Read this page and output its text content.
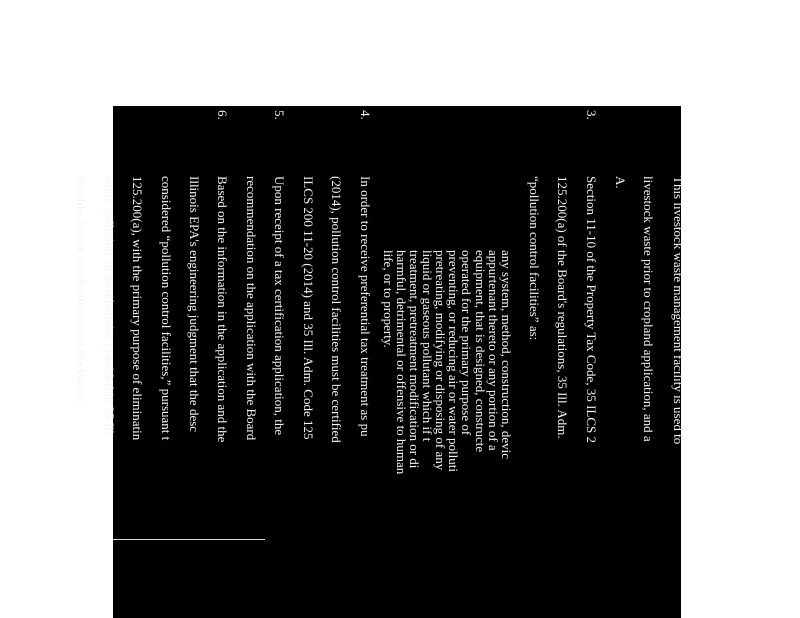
This livestock waste management facility is used to
livestock waste prior to cropland application, and a
A.
3.
Section 11-10 of the Property Tax Code, 35 ILCS 2
125.200(a) of the Board's regulations, 35 Ill. Adm.
“pollution control facilities” as:
any system, method, construction, devic
appurtenant thereto or any portion of a
equipment, that is designed, constructe
operated for the primary purpose of
preventing, or reducing air or water polluti
pretreating, modifying or disposing of any
liquid or gaseous pollutant which if t
treatment, pretreatment modification or di
harmful, detrimental or offensive to human
life, or to property.
4.
In order to receive preferential tax treatment as pu
(2014), pollution control facilities must be certified
ILCS 200 11-20 (2014) and 35 Ill. Adm. Code 125
5.
Upon receipt of a tax certification application, the
recommendation on the application with the Board
6.
Based on the information in the application and the
Illinois EPA's engineering judgment that the desc
considered “pollution control facilities,” pursuant t
125.200(a), with the primary purpose of eliminatin
water pollution, or as otherwise provided in 35 Ill.
eligible for tax certification from the Board.
